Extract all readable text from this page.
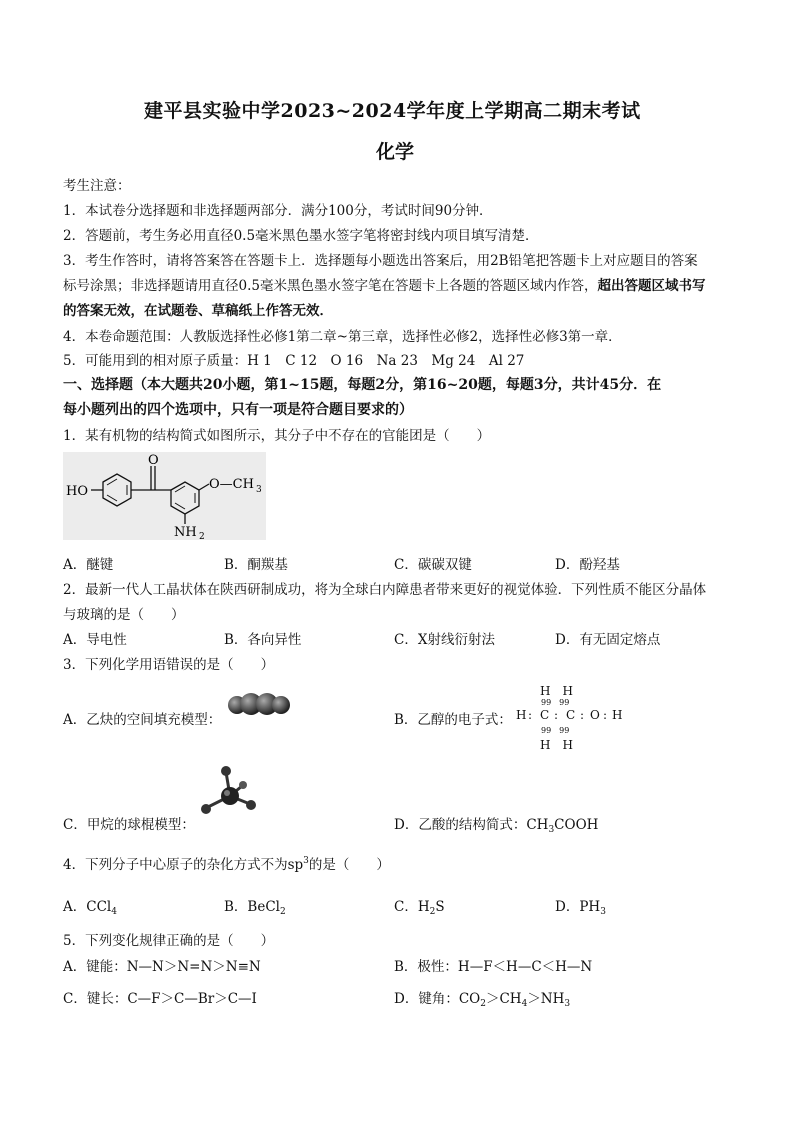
建平县实验中学2023~2024学年度上学期高二期末考试
化学
考生注意：
1．本试卷分选择题和非选择题两部分．满分100分，考试时间90分钟．
2．答题前，考生务必用直径0.5毫米黑色墨水签字笔将密封线内项目填写清楚．
3．考生作答时，请将答案答在答题卡上．选择题每小题选出答案后，用2B铅笔把答题卡上对应题目的答案
标号涂黑；非选择题请用直径0.5毫米黑色墨水签字笔在答题卡上各题的答题区域内作答，超出答题区域书写
的答案无效，在试题卷、草稿纸上作答无效．
4．本卷命题范围：人教版选择性必修1第二章~第三章，选择性必修2，选择性必修3第一章．
5．可能用到的相对原子质量：H 1　C 12　O 16　Na 23　Mg 24　Al 27
一、选择题（本大题共20小题，第1~15题，每题2分，第16~20题，每题3分，共计45分．在
每小题列出的四个选项中，只有一项是符合题目要求的）
1．某有机物的结构简式如图所示，其分子中不存在的官能团是（　　）
HO
O
O—CH 3
NH 2
A．醚键	B．酮羰基	C．碳碳双键	D．酚羟基
2．最新一代人工晶状体在陕西研制成功，将为全球白内障患者带来更好的视觉体验．下列性质不能区分晶体
与玻璃的是（　　）
A．导电性	B．各向异性	C．X射线衍射法	D．有无固定熔点
3．下列化学用语错误的是（　　）
A．乙炔的空间填充模型：	B．乙醇的电子式：
H　H
99　99
H : C : C : O : H
99　99
H　H
C．甲烷的球棍模型：	D．乙酸的结构简式：$CH_3COOH$
4．下列分子中心原子的杂化方式不为$sp^3$的是（　　）
A．CCl$_4$	B．BeCl$_2$	C．$H_2S$	D．$PH_3$
5．下列变化规律正确的是（　　）
A．键能：N—N＞N=N＞N≡N	B．极性：H—F＜H—C＜H—N
C．键长：C—F＞C—Br＞C—I	D．键角：$CO_2>CH_4>NH_3$
